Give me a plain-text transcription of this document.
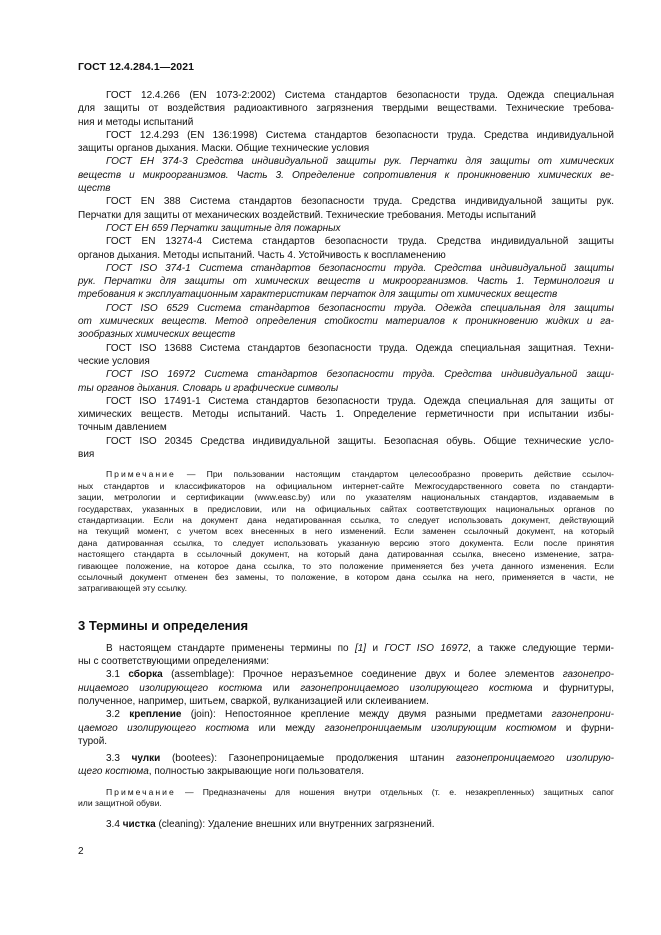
ГОСТ 12.4.284.1—2021
ГОСТ 12.4.266 (EN 1073-2:2002) Система стандартов безопасности труда. Одежда специальная
для защиты от воздействия радиоактивного загрязнения твердыми веществами. Технические требова-
ния и методы испытаний
ГОСТ 12.4.293 (EN 136:1998) Система стандартов безопасности труда. Средства индивидуальной
защиты органов дыхания. Маски. Общие технические условия
ГОСТ EH 374-3 Средства индивидуальной защиты рук. Перчатки для защиты от химических
веществ и микроорганизмов. Часть 3. Определение сопротивления к проникновению химических ве-
ществ
ГОСТ EN 388 Система стандартов безопасности труда. Средства индивидуальной защиты рук.
Перчатки для защиты от механических воздействий. Технические требования. Методы испытаний
ГОСТ EH 659 Перчатки защитные для пожарных
ГОСТ EN 13274-4 Система стандартов безопасности труда. Средства индивидуальной защиты
органов дыхания. Методы испытаний. Часть 4. Устойчивость к воспламенению
ГОСТ ISO 374-1 Система стандартов безопасности труда. Средства индивидуальной защиты
рук. Перчатки для защиты от химических веществ и микроорганизмов. Часть 1. Терминология и
требования к эксплуатационным характеристикам перчаток для защиты от химических веществ
ГОСТ ISO 6529 Система стандартов безопасности труда. Одежда специальная для защиты
от химических веществ. Метод определения стойкости материалов к проникновению жидких и га-
зообразных химических веществ
ГОСТ ISO 13688 Система стандартов безопасности труда. Одежда специальная защитная. Техни-
ческие условия
ГОСТ ISO 16972 Система стандартов безопасности труда. Средства индивидуальной защи-
ты органов дыхания. Словарь и графические символы
ГОСТ ISO 17491-1 Система стандартов безопасности труда. Одежда специальная для защиты от
химических веществ. Методы испытаний. Часть 1. Определение герметичности при испытании избы-
точным давлением
ГОСТ ISO 20345 Средства индивидуальной защиты. Безопасная обувь. Общие технические усло-
вия
Примечание — При пользовании настоящим стандартом целесообразно проверить действие ссылоч-
ных стандартов и классификаторов на официальном интернет-сайте Межгосударственного совета по стандарти-
зации, метрологии и сертификации (www.easc.by) или по указателям национальных стандартов, издаваемым в
государствах, указанных в предисловии, или на официальных сайтах соответствующих национальных органов по
стандартизации. Если на документ дана недатированная ссылка, то следует использовать документ, действующий
на текущий момент, с учетом всех внесенных в него изменений. Если заменен ссылочный документ, на который
дана датированная ссылка, то следует использовать указанную версию этого документа. Если после принятия
настоящего стандарта в ссылочный документ, на который дана датированная ссылка, внесено изменение, затра-
гивающее положение, на которое дана ссылка, то это положение применяется без учета данного изменения. Если
ссылочный документ отменен без замены, то положение, в котором дана ссылка на него, применяется в части, не
затрагивающей эту ссылку.
3 Термины и определения
В настоящем стандарте применены термины по [1] и ГОСТ ISO 16972, а также следующие терми-
ны с соответствующими определениями:
3.1 сборка (assemblage): Прочное неразъемное соединение двух и более элементов газонепро-
ницаемого изолирующего костюма или газонепроницаемого изолирующего костюма и фурнитуры,
полученное, например, шитьем, сваркой, вулканизацией или склеиванием.
3.2 крепление (join): Непостоянное крепление между двумя разными предметами газонепрони-
цаемого изолирующего костюма или между газонепроницаемым изолирующим костюмом и фурни-
турой.
3.3 чулки (bootees): Газонепроницаемые продолжения штанин газонепроницаемого изолирую-
щего костюма, полностью закрывающие ноги пользователя.
Примечание — Предназначены для ношения внутри отдельных (т. е. незакрепленных) защитных сапог
или защитной обуви.
3.4 чистка (cleaning): Удаление внешних или внутренних загрязнений.
2
